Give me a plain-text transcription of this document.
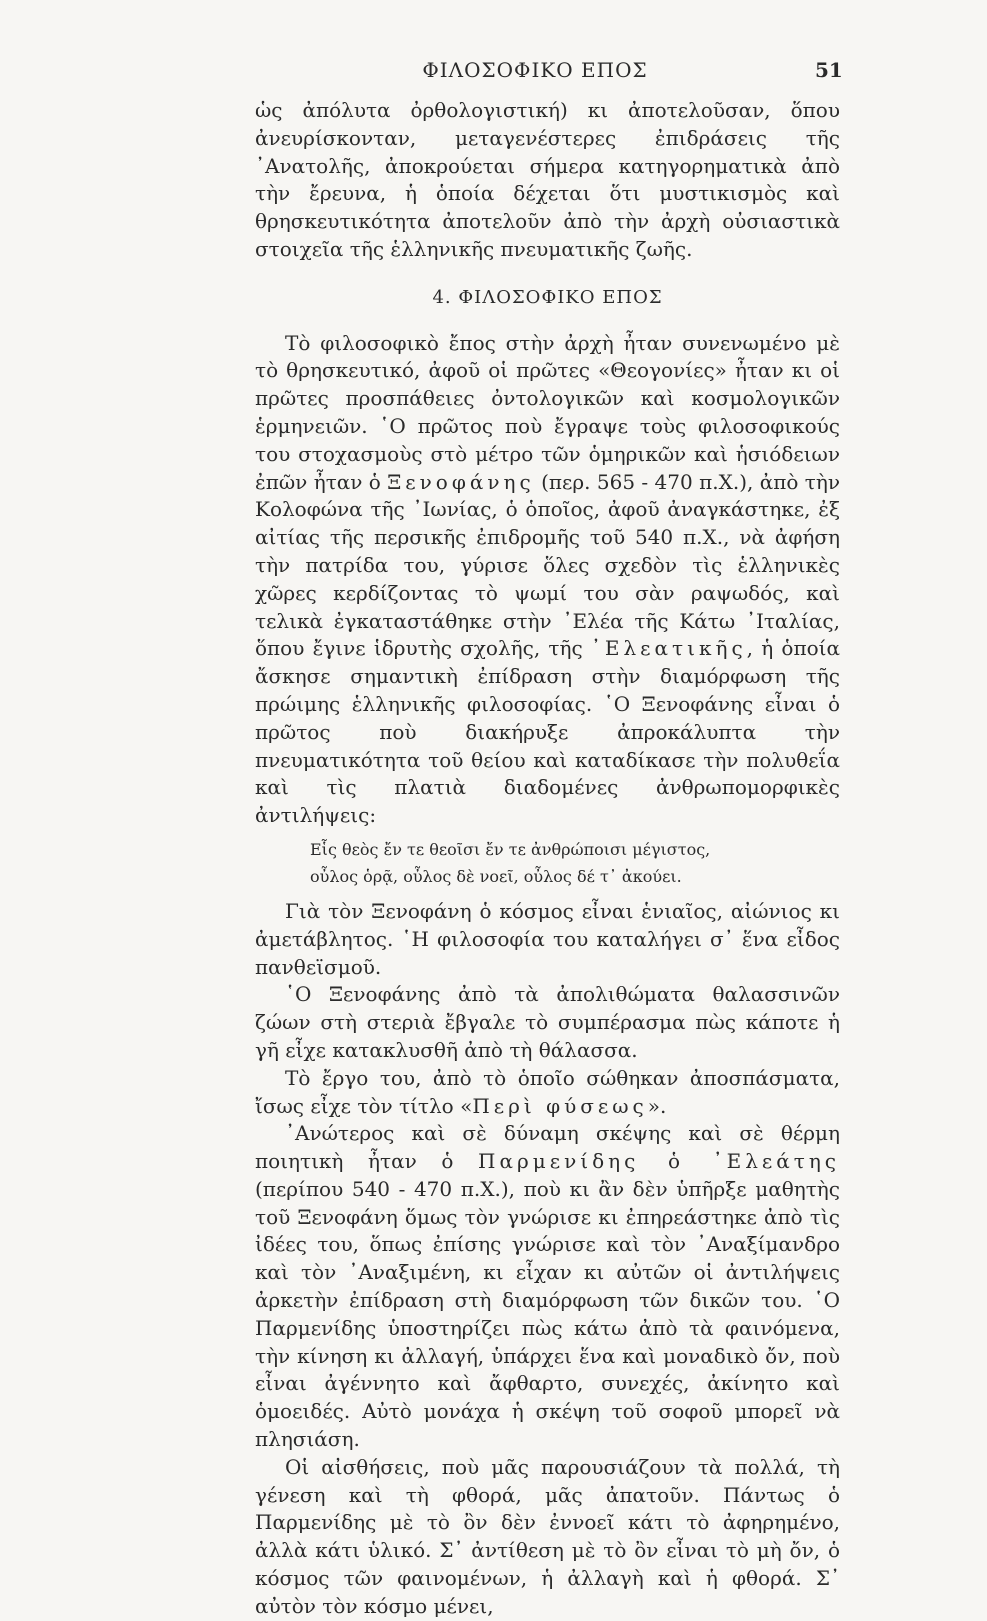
ΦΙΛΟΣΟΦΙΚΟ ΕΠΟΣ	51

ὡς ἀπόλυτα ὀρθολογιστική) κι ἀποτελοῦσαν, ὅπου ἀνευρίσκονταν, μεταγενέστερες ἐπιδράσεις τῆς ᾿Ανατολῆς, ἀποκρούεται σήμερα κατηγορηματικὰ ἀπὸ τὴν ἔρευνα, ἡ ὁποία δέχεται ὅτι μυστικισμὸς καὶ θρησκευτικότητα ἀποτελοῦν ἀπὸ τὴν ἀρχὴ οὐσιαστικὰ στοιχεῖα τῆς ἑλληνικῆς πνευματικῆς ζωῆς.

4. ΦΙΛΟΣΟΦΙΚΟ ΕΠΟΣ

Τὸ φιλοσοφικὸ ἔπος στὴν ἀρχὴ ἦταν συνενωμένο μὲ τὸ θρησκευτικό, ἀφοῦ οἱ πρῶτες «Θεογονίες» ἦταν κι οἱ πρῶτες προσπάθειες ὀντολογικῶν καὶ κοσμολογικῶν ἑρμηνειῶν. ῾Ο πρῶτος ποὺ ἔγραψε τοὺς φιλοσοφικούς του στοχασμοὺς στὸ μέτρο τῶν ὁμηρικῶν καὶ ἡσιόδειων ἐπῶν ἦταν ὁ Ξενοφάνης (περ. 565 - 470 π.Χ.), ἀπὸ τὴν Κολοφώνα τῆς ᾿Ιωνίας, ὁ ὁποῖος, ἀφοῦ ἀναγκάστηκε, ἐξ αἰτίας τῆς περσικῆς ἐπιδρομῆς τοῦ 540 π.Χ., νὰ ἀφήση τὴν πατρίδα του, γύρισε ὅλες σχεδὸν τὶς ἑλληνικὲς χῶρες κερδίζοντας τὸ ψωμί του σὰν ραψωδός, καὶ τελικὰ ἐγκαταστάθηκε στὴν ᾿Ελέα τῆς Κάτω ᾿Ιταλίας, ὅπου ἔγινε ἱδρυτὴς σχολῆς, τῆς ᾿Ελεατικῆς, ἡ ὁποία ἄσκησε σημαντικὴ ἐπίδραση στὴν διαμόρφωση τῆς πρώιμης ἑλληνικῆς φιλοσοφίας. ῾Ο Ξενοφάνης εἶναι ὁ πρῶτος ποὺ διακήρυξε ἀπροκάλυπτα τὴν πνευματικότητα τοῦ θείου καὶ καταδίκασε τὴν πολυθεΐα καὶ τὶς πλατιὰ διαδομένες ἀνθρωπομορφικὲς ἀντιλήψεις:

Εἷς θεὸς ἔν τε θεοῖσι ἔν τε ἀνθρώποισι μέγιστος,
οὖλος ὁρᾷ, οὖλος δὲ νοεῖ, οὖλος δέ τ᾿ ἀκούει.

Γιὰ τὸν Ξενοφάνη ὁ κόσμος εἶναι ἑνιαῖος, αἰώνιος κι ἀμετάβλητος. ῾Η φιλοσοφία του καταλήγει σ᾿ ἕνα εἶδος πανθεϊσμοῦ.

῾Ο Ξενοφάνης ἀπὸ τὰ ἀπολιθώματα θαλασσινῶν ζώων στὴ στεριὰ ἔβγαλε τὸ συμπέρασμα πὼς κάποτε ἡ γῆ εἶχε κατακλυσθῆ ἀπὸ τὴ θάλασσα.

Τὸ ἔργο του, ἀπὸ τὸ ὁποῖο σώθηκαν ἀποσπάσματα, ἴσως εἶχε τὸν τίτλο «Περὶ φύσεως».

᾿Ανώτερος καὶ σὲ δύναμη σκέψης καὶ σὲ θέρμη ποιητικὴ ἦταν ὁ Παρμενίδης ὁ ᾿Ελεάτης (περίπου 540 - 470 π.Χ.), ποὺ κι ἂν δὲν ὑπῆρξε μαθητὴς τοῦ Ξενοφάνη ὅμως τὸν γνώρισε κι ἐπηρεάστηκε ἀπὸ τὶς ἰδέες του, ὅπως ἐπίσης γνώρισε καὶ τὸν ᾿Αναξίμανδρο καὶ τὸν ᾿Αναξιμένη, κι εἶχαν κι αὐτῶν οἱ ἀντιλήψεις ἀρκετὴν ἐπίδραση στὴ διαμόρφωση τῶν δικῶν του. ῾Ο Παρμενίδης ὑποστηρίζει πὼς κάτω ἀπὸ τὰ φαινόμενα, τὴν κίνηση κι ἀλλαγή, ὑπάρχει ἕνα καὶ μοναδικὸ ὄν, ποὺ εἶναι ἀγέννητο καὶ ἄφθαρτο, συνεχές, ἀκίνητο καὶ ὁμοειδές. Αὐτὸ μονάχα ἡ σκέψη τοῦ σοφοῦ μπορεῖ νὰ πλησιάση.

Οἱ αἰσθήσεις, ποὺ μᾶς παρουσιάζουν τὰ πολλά, τὴ γένεση καὶ τὴ φθορά, μᾶς ἀπατοῦν. Πάντως ὁ Παρμενίδης μὲ τὸ ὂν δὲν ἐννοεῖ κάτι τὸ ἀφηρημένο, ἀλλὰ κάτι ὑλικό. Σ᾿ ἀντίθεση μὲ τὸ ὂν εἶναι τὸ μὴ ὄν, ὁ κόσμος τῶν φαινομένων, ἡ ἀλλαγὴ καὶ ἡ φθορά. Σ᾿ αὐτὸν τὸν κόσμο μένει,
